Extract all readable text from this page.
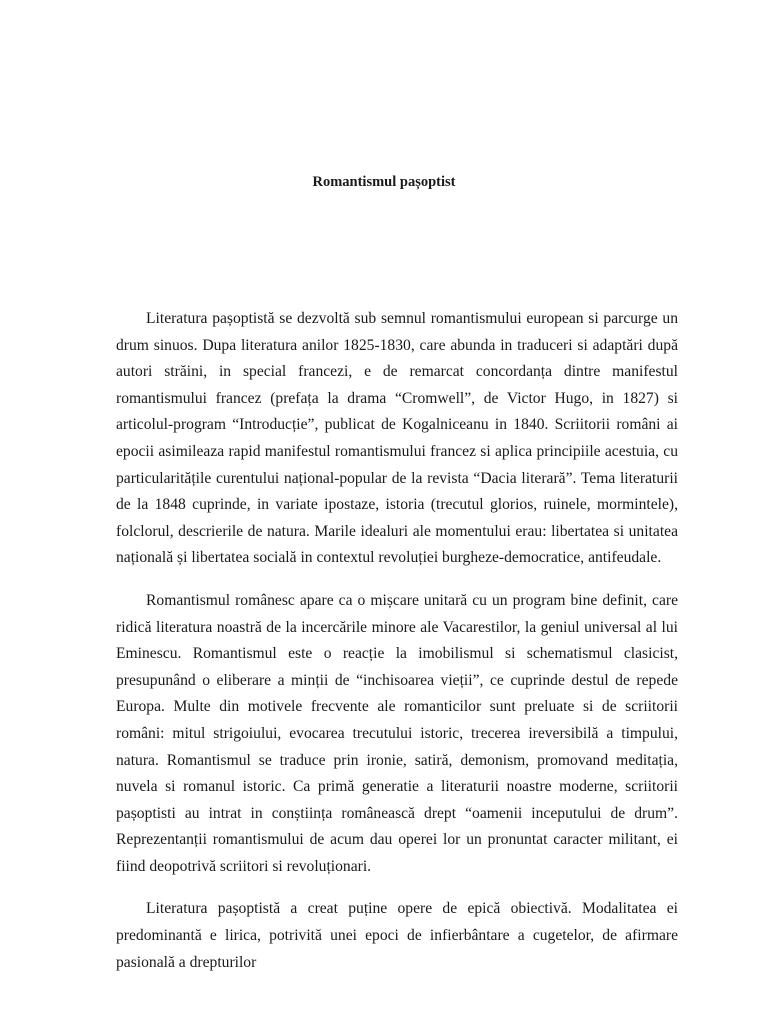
Romantismul pașoptist

Literatura pașoptistă se dezvoltă sub semnul romantismului european si parcurge un drum sinuos. Dupa literatura anilor 1825-1830, care abunda in traduceri si adaptări după autori străini, in special francezi, e de remarcat concordanța dintre manifestul romantismului francez (prefața la drama “Cromwell”, de Victor Hugo, in 1827) si articolul-program “Introducție”, publicat de Kogalniceanu in 1840. Scriitorii români ai epocii asimileaza rapid manifestul romantismului francez si aplica principiile acestuia, cu particularitățile curentului național-popular de la revista “Dacia literară”. Tema literaturii de la 1848 cuprinde, in variate ipostaze, istoria (trecutul glorios, ruinele, mormintele), folclorul, descrierile de natura. Marile idealuri ale momentului erau: libertatea si unitatea națională și libertatea socială in contextul revoluției burgheze-democratice, antifeudale.

Romantismul românesc apare ca o mișcare unitară cu un program bine definit, care ridică literatura noastră de la incercările minore ale Vacarestilor, la geniul universal al lui Eminescu. Romantismul este o reacție la imobilismul si schematismul clasicist, presupunând o eliberare a minții de “inchisoarea vieții”, ce cuprinde destul de repede Europa. Multe din motivele frecvente ale romanticilor sunt preluate si de scriitorii români: mitul strigoiului, evocarea trecutului istoric, trecerea ireversibilă a timpului, natura. Romantismul se traduce prin ironie, satiră, demonism, promovand meditația, nuvela si romanul istoric. Ca primă generatie a literaturii noastre moderne, scriitorii pașoptisti au intrat in conștiința românească drept “oamenii inceputului de drum”. Reprezentanții romantismului de acum dau operei lor un pronuntat caracter militant, ei fiind deopotrivă scriitori si revoluționari.

Literatura pașoptistă a creat puține opere de epică obiectivă. Modalitatea ei predominantă e lirica, potrivită unei epoci de infierbântare a cugetelor, de afirmare pasională a drepturilor
